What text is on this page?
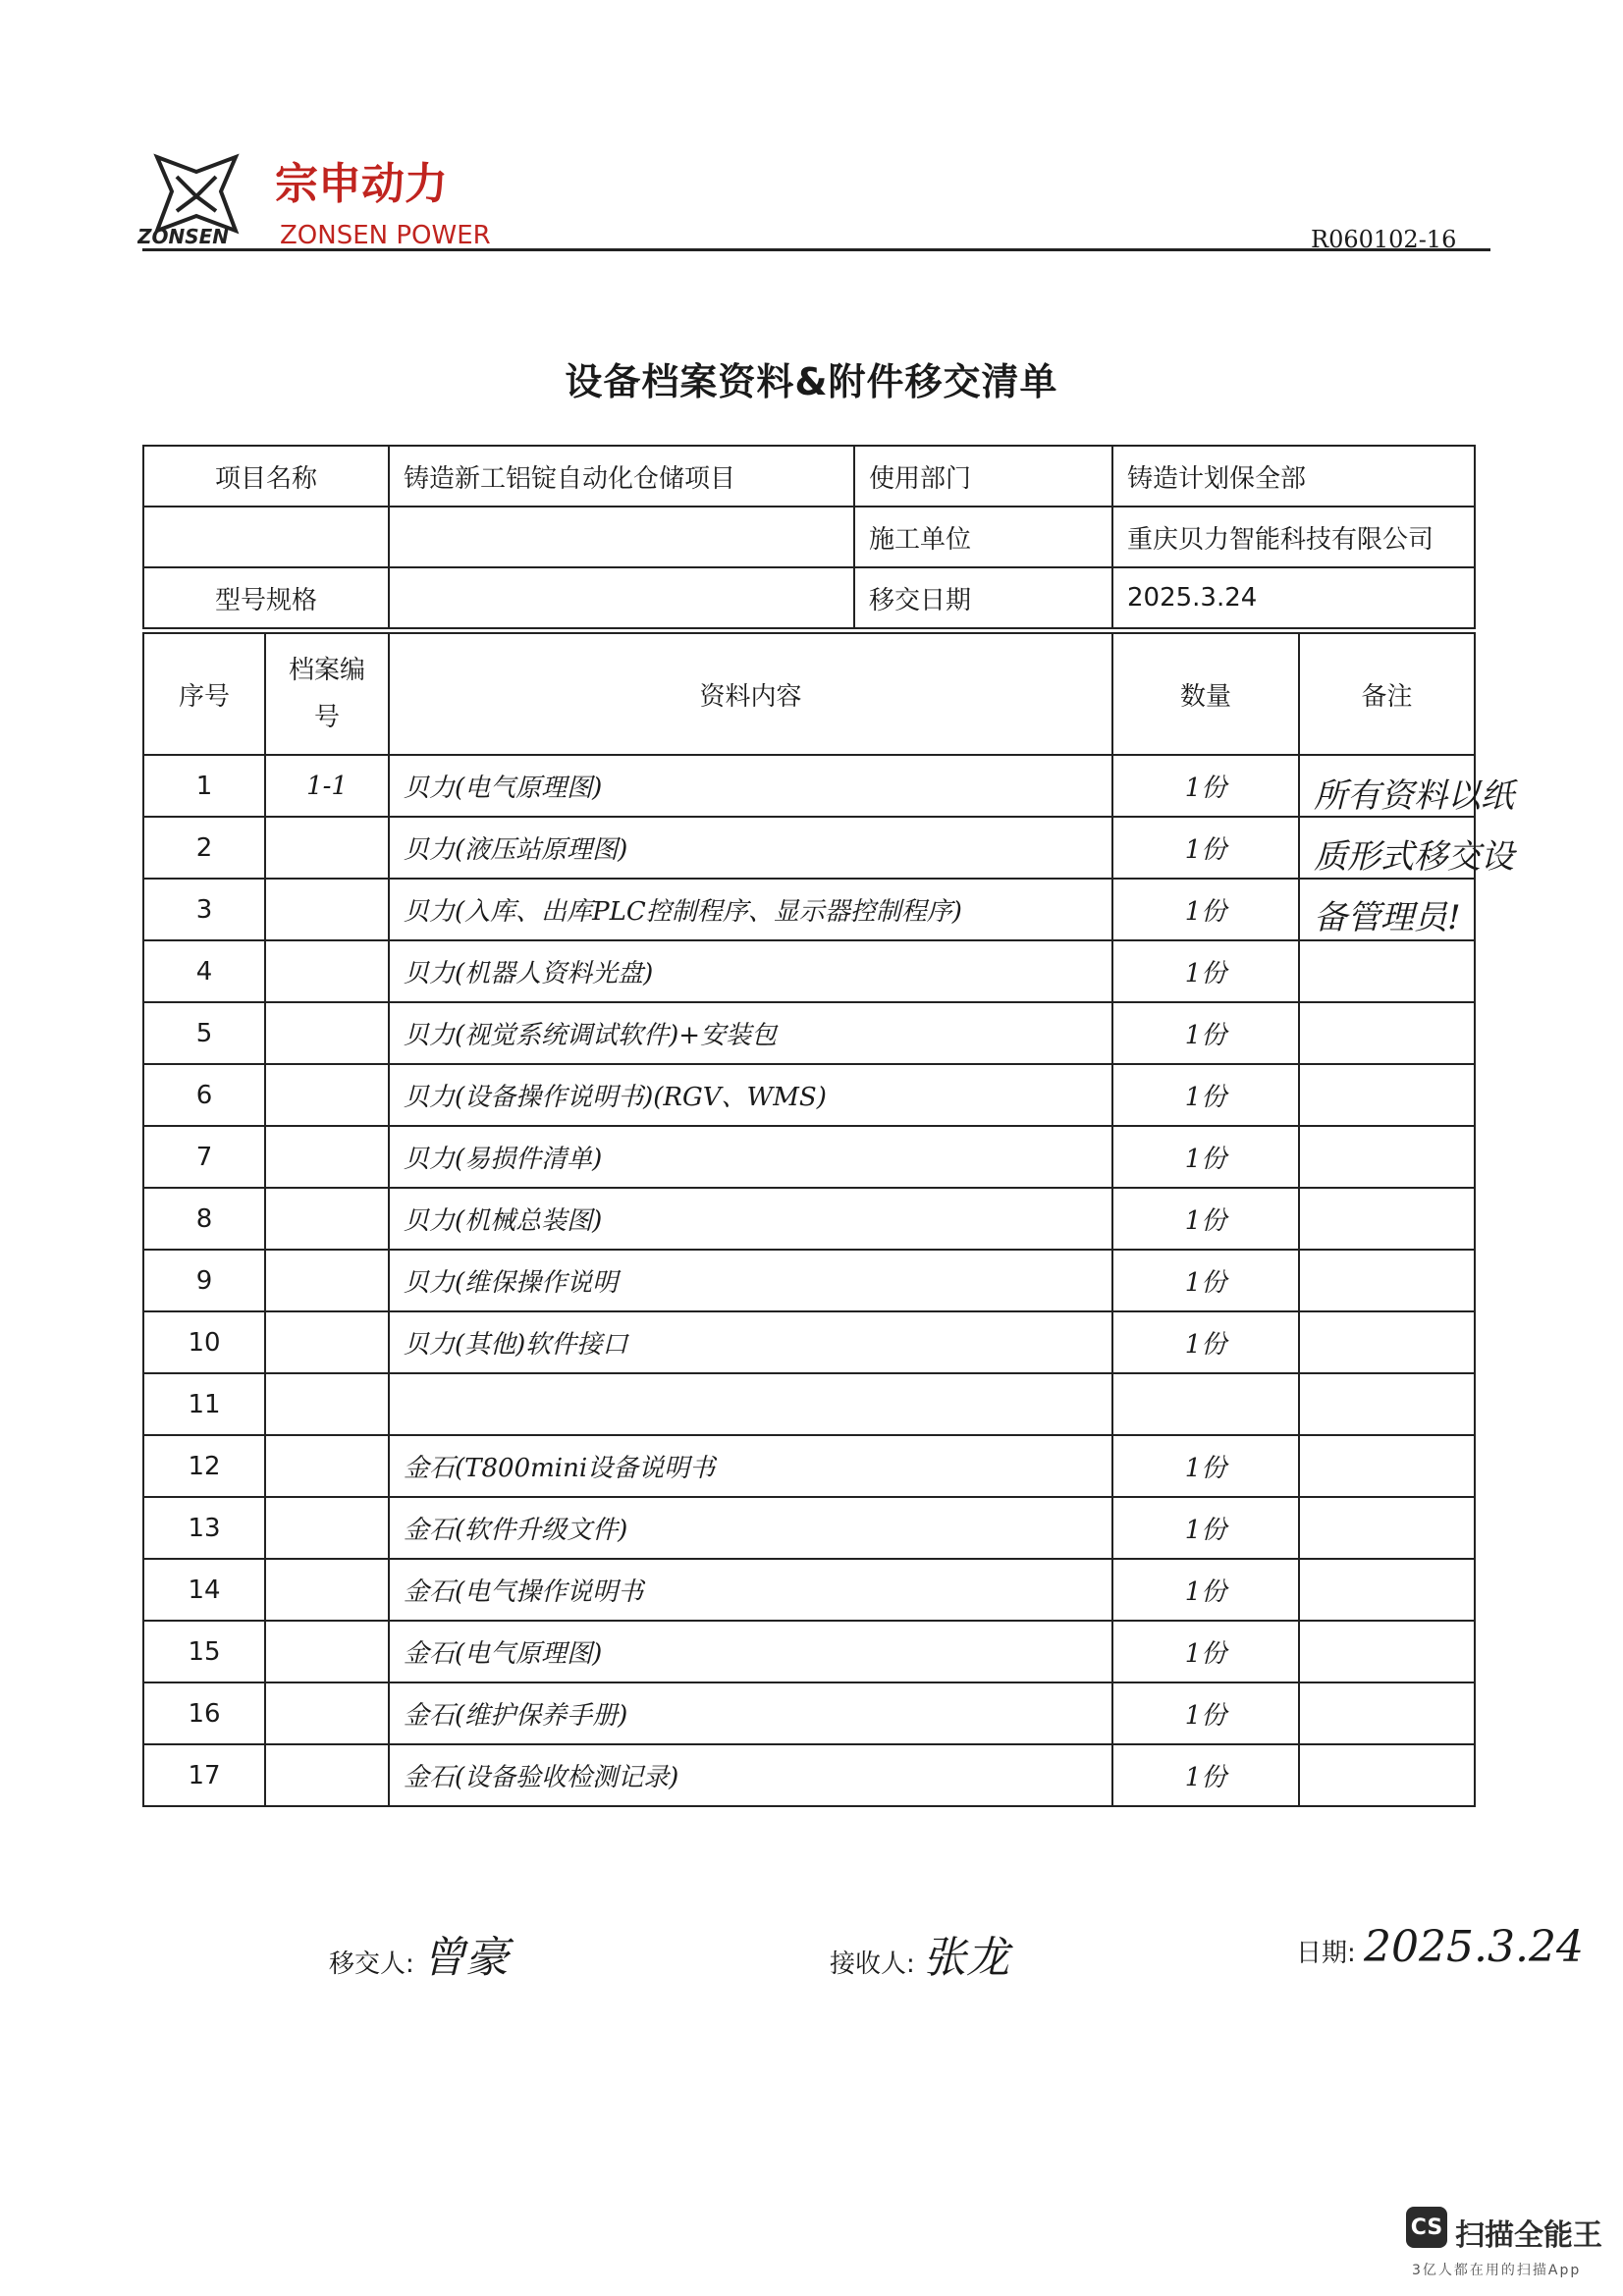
宗申动力
ZONSEN ZONSEN POWER	R060102-16
设备档案资料&附件移交清单
项目名称	铸造新工铝锭自动化仓储项目	使用部门	铸造计划保全部
		施工单位	重庆贝力智能科技有限公司
型号规格		移交日期	2025.3.24
序号	档案编号	资料内容	数量	备注
1	1-1	贝力(电气原理图)	1份	所有资料以纸质形式移交设备管理员!

2		贝力(液压站原理图)	1份	
3		贝力(入库、出库PLC控制程序、显示器控制程序)	1份	
4		贝力(机器人资料光盘)	1份	
5		贝力(视觉系统调试软件)+安装包	1份	
6		贝力(设备操作说明书)(RGV、WMS)	1份	
7		贝力(易损件清单)	1份	
8		贝力(机械总装图)	1份	
9		贝力(维保操作说明	1份	
10		贝力(其他)软件接口	1份	
11				
12		金石(T800mini设备说明书	1份	
13		金石(软件升级文件)	1份	
14		金石(电气操作说明书	1份	
15		金石(电气原理图)	1份	
16		金石(维护保养手册)	1份	
17		金石(设备验收检测记录)	1份	
移交人: 曾豪	接收人: 张龙	日期: 2025.3.24
CS 扫描全能王
3亿人都在用的扫描App
